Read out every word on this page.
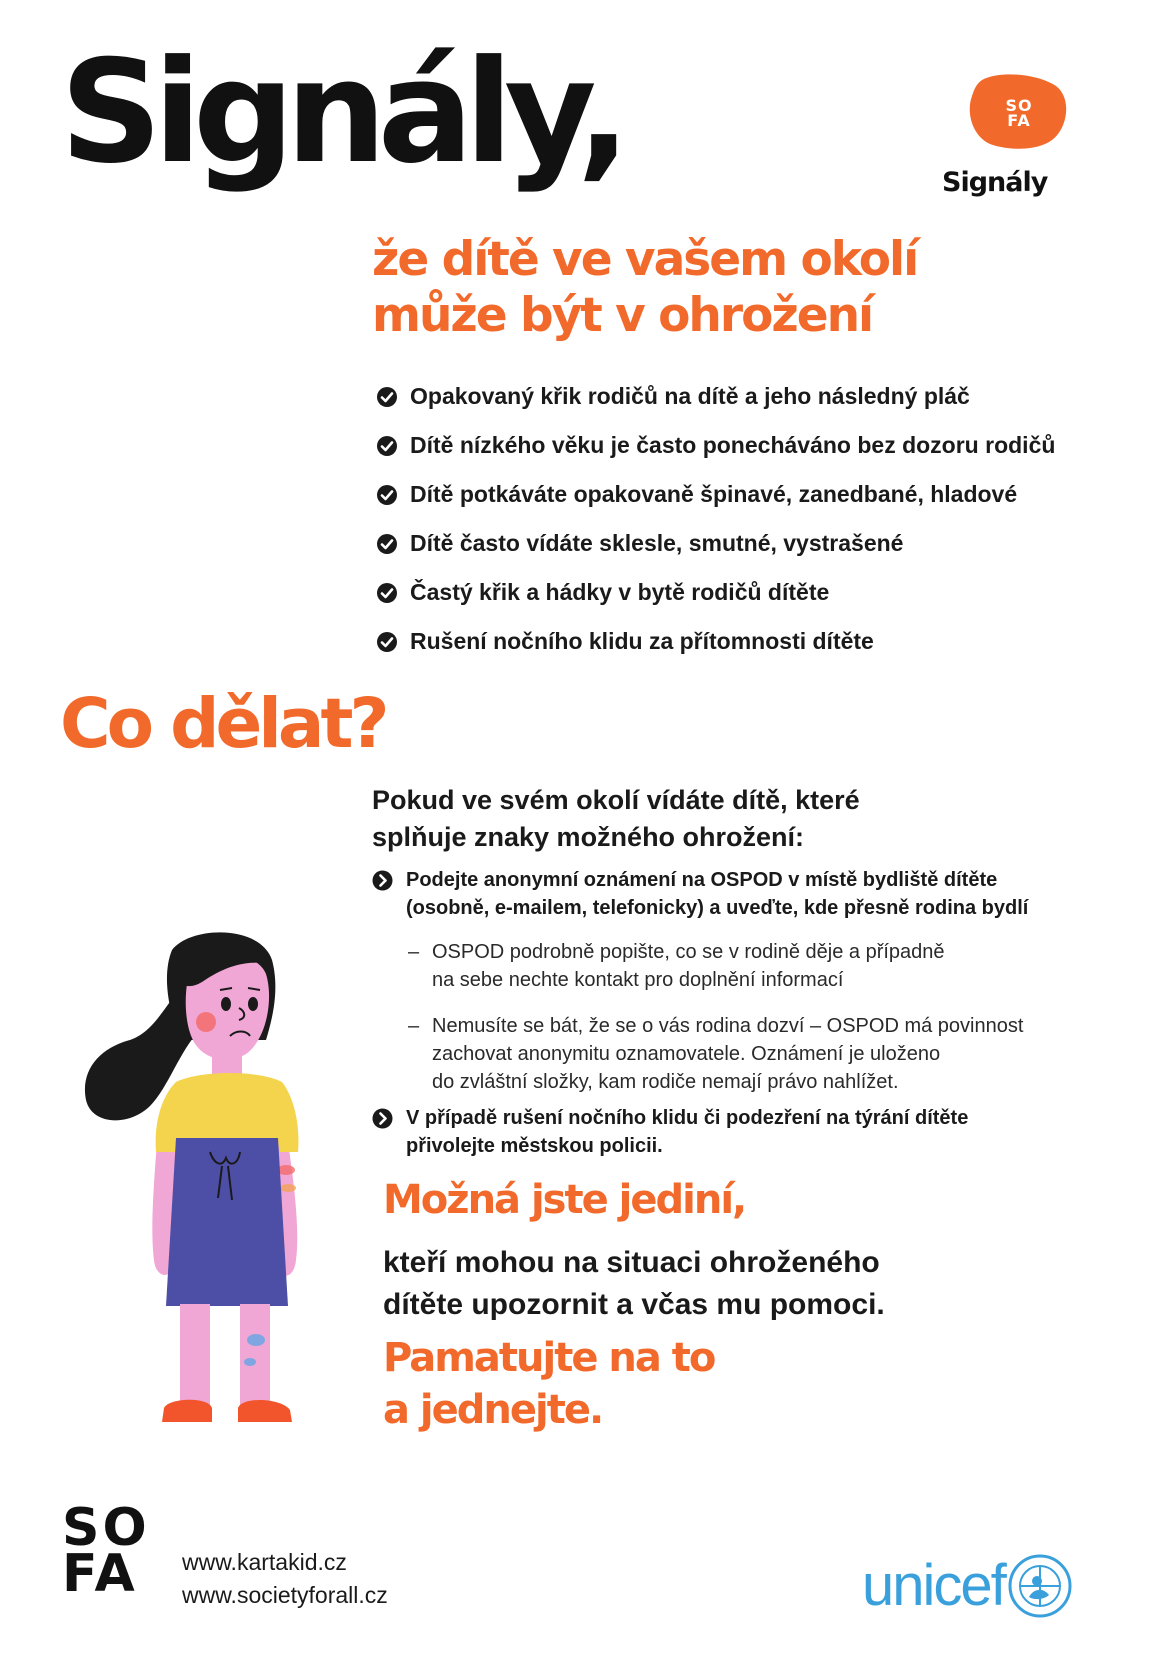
Signály,
že dítě ve vašem okolí
může být v ohrožení
SO
FA
Signály
Opakovaný křik rodičů na dítě a jeho následný pláč
Dítě nízkého věku je často ponecháváno bez dozoru rodičů
Dítě potkáváte opakovaně špinavé, zanedbané, hladové
Dítě často vídáte sklesle, smutné, vystrašené
Častý křik a hádky v bytě rodičů dítěte
Rušení nočního klidu za přítomnosti dítěte
Co dělat?
Pokud ve svém okolí vídáte dítě, které
splňuje znaky možného ohrožení:
Podejte anonymní oznámení na OSPOD v místě bydliště dítěte
(osobně, e-mailem, telefonicky) a uveďte, kde přesně rodina bydlí
– OSPOD podrobně popište, co se v rodině děje a případně
na sebe nechte kontakt pro doplnění informací
– Nemusíte se bát, že se o vás rodina dozví – OSPOD má povinnost
zachovat anonymitu oznamovatele. Oznámení je uloženo
do zvláštní složky, kam rodiče nemají právo nahlížet.
V případě rušení nočního klidu či podezření na týrání dítěte
přivolejte městskou policii.
Možná jste jediní,
kteří mohou na situaci ohroženého
dítěte upozornit a včas mu pomoci.
Pamatujte na to
a jednejte.
SO
FA	www.kartakid.cz
www.societyforall.cz	unicef
